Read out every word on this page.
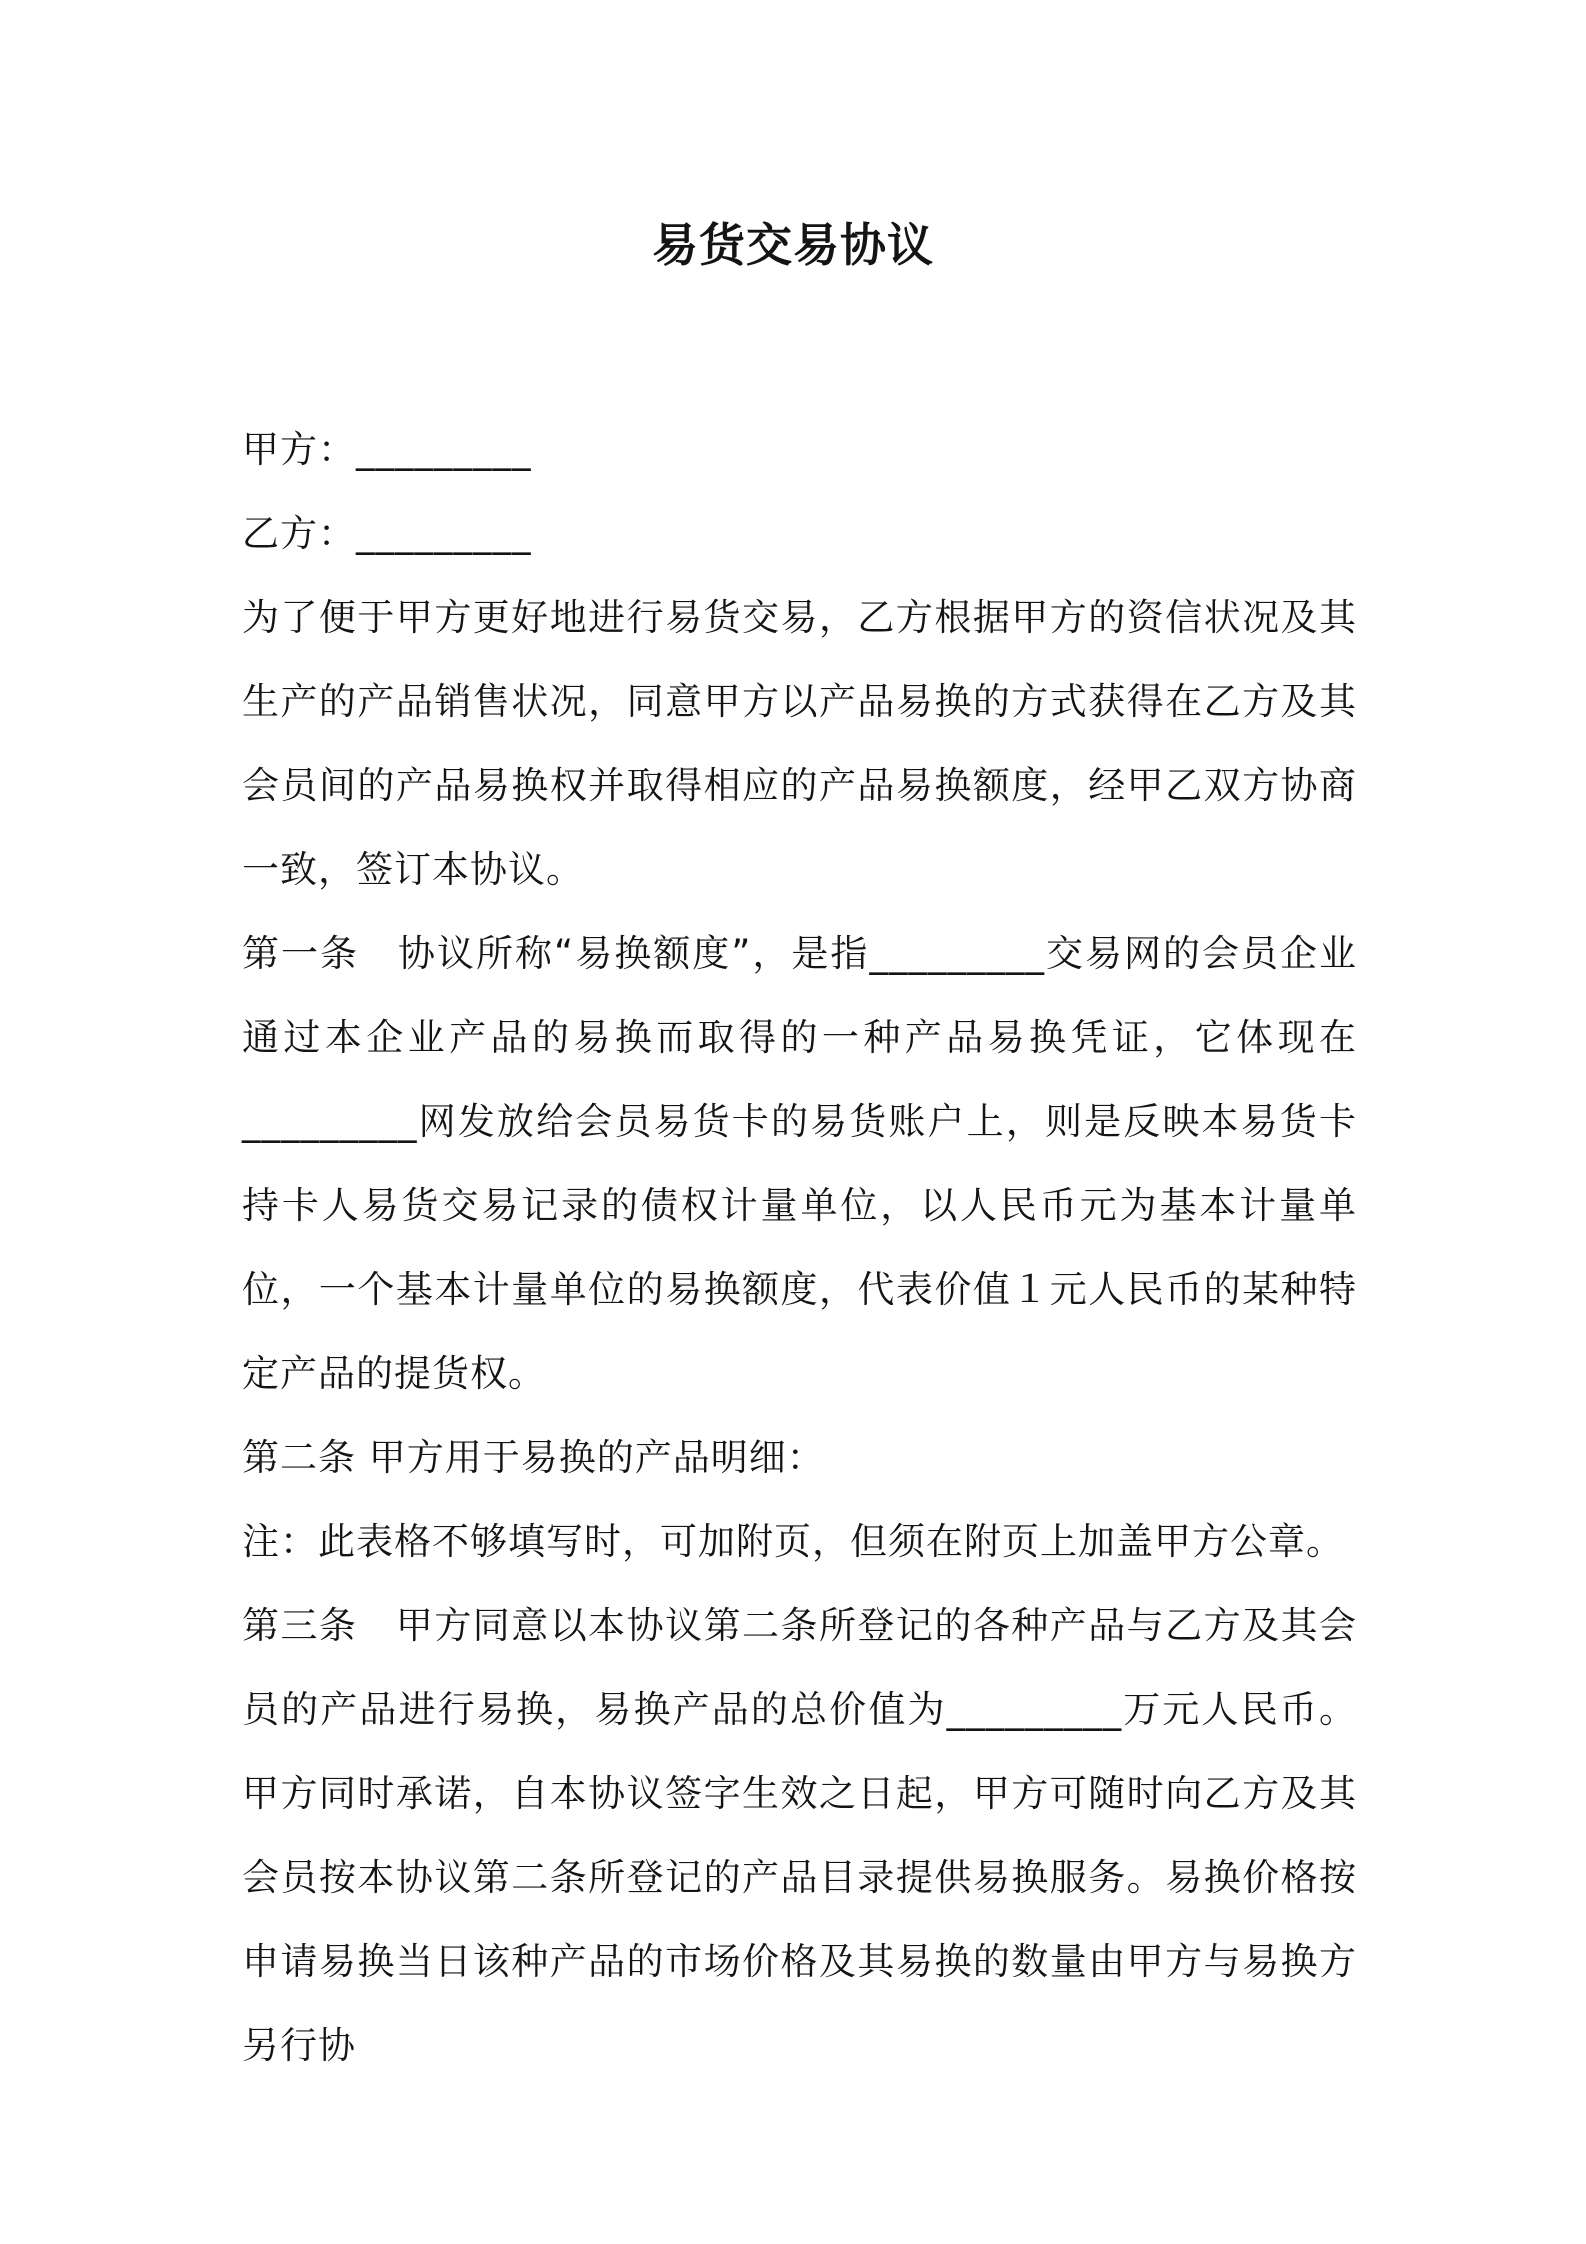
易货交易协议

甲方：_________

乙方：_________

为了便于甲方更好地进行易货交易，乙方根据甲方的资信状况及其生产的产品销售状况，同意甲方以产品易换的方式获得在乙方及其会员间的产品易换权并取得相应的产品易换额度，经甲乙双方协商一致，签订本协议。

第一条　协议所称“易换额度”，是指_________交易网的会员企业通过本企业产品的易换而取得的一种产品易换凭证，它体现在_________网发放给会员易货卡的易货账户上，则是反映本易货卡持卡人易货交易记录的债权计量单位，以人民币元为基本计量单位，一个基本计量单位的易换额度，代表价值１元人民币的某种特定产品的提货权。

第二条 甲方用于易换的产品明细：

注：此表格不够填写时，可加附页，但须在附页上加盖甲方公章。

第三条　甲方同意以本协议第二条所登记的各种产品与乙方及其会员的产品进行易换，易换产品的总价值为_________万元人民币。甲方同时承诺，自本协议签字生效之日起，甲方可随时向乙方及其会员按本协议第二条所登记的产品目录提供易换服务。易换价格按申请易换当日该种产品的市场价格及其易换的数量由甲方与易换方另行协
